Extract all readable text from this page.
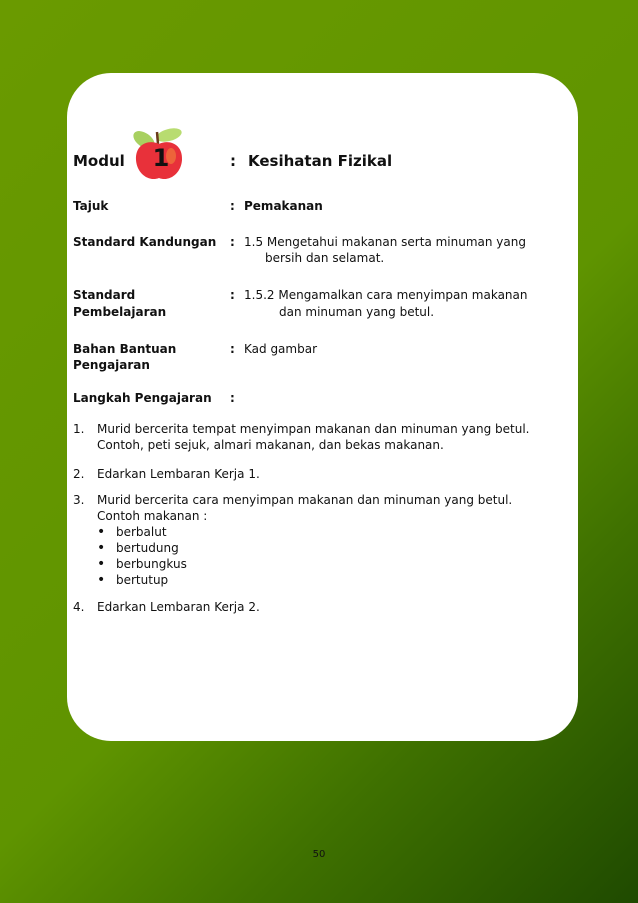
Modul 1	: Kesihatan Fizikal
Tajuk	: Pemakanan
Standard Kandungan	: 1.5 Mengetahui makanan serta minuman yang
bersih dan selamat.
Standard
Pembelajaran
: 1.5.2 Mengamalkan cara menyimpan makanan
dan minuman yang betul.
Bahan Bantuan
Pengajaran
: Kad gambar
Langkah Pengajaran	:
1. Murid bercerita tempat menyimpan makanan dan minuman yang betul.
Contoh, peti sejuk, almari makanan, dan bekas makanan.
2. Edarkan Lembaran Kerja 1.
3. Murid bercerita cara menyimpan makanan dan minuman yang betul.
Contoh makanan :
• berbalut
• bertudung
• berbungkus
• bertutup
4. Edarkan Lembaran Kerja 2.
50
